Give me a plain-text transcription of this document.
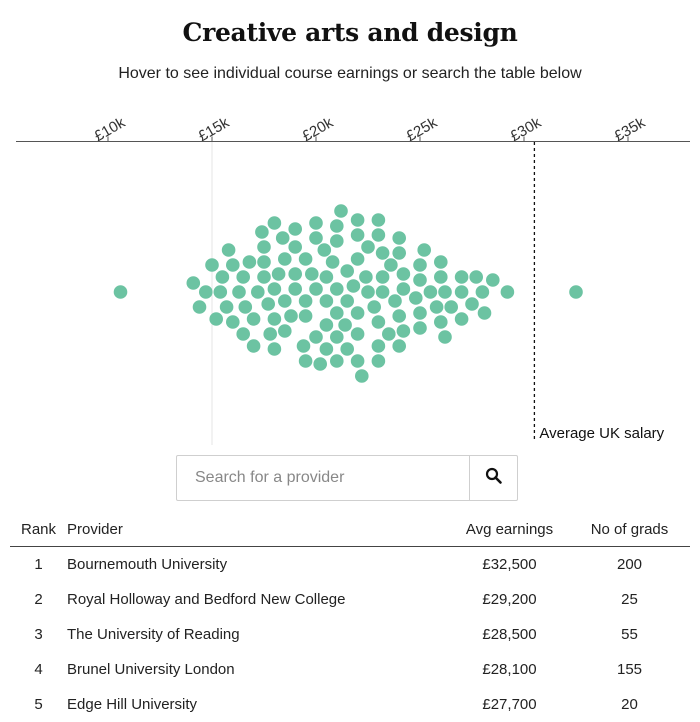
Creative arts and design
Hover to see individual course earnings or search the table below
£10k	£15k	£20k	£25k	£30k	£35k
Average UK salary
Search for a provider
Rank	Provider	Avg earnings	No of grads
1	Bournemouth University	£32,500	200
2	Royal Holloway and Bedford New College	£29,200	25
3	The University of Reading	£28,500	55
4	Brunel University London	£28,100	155
5	Edge Hill University	£27,700	20
